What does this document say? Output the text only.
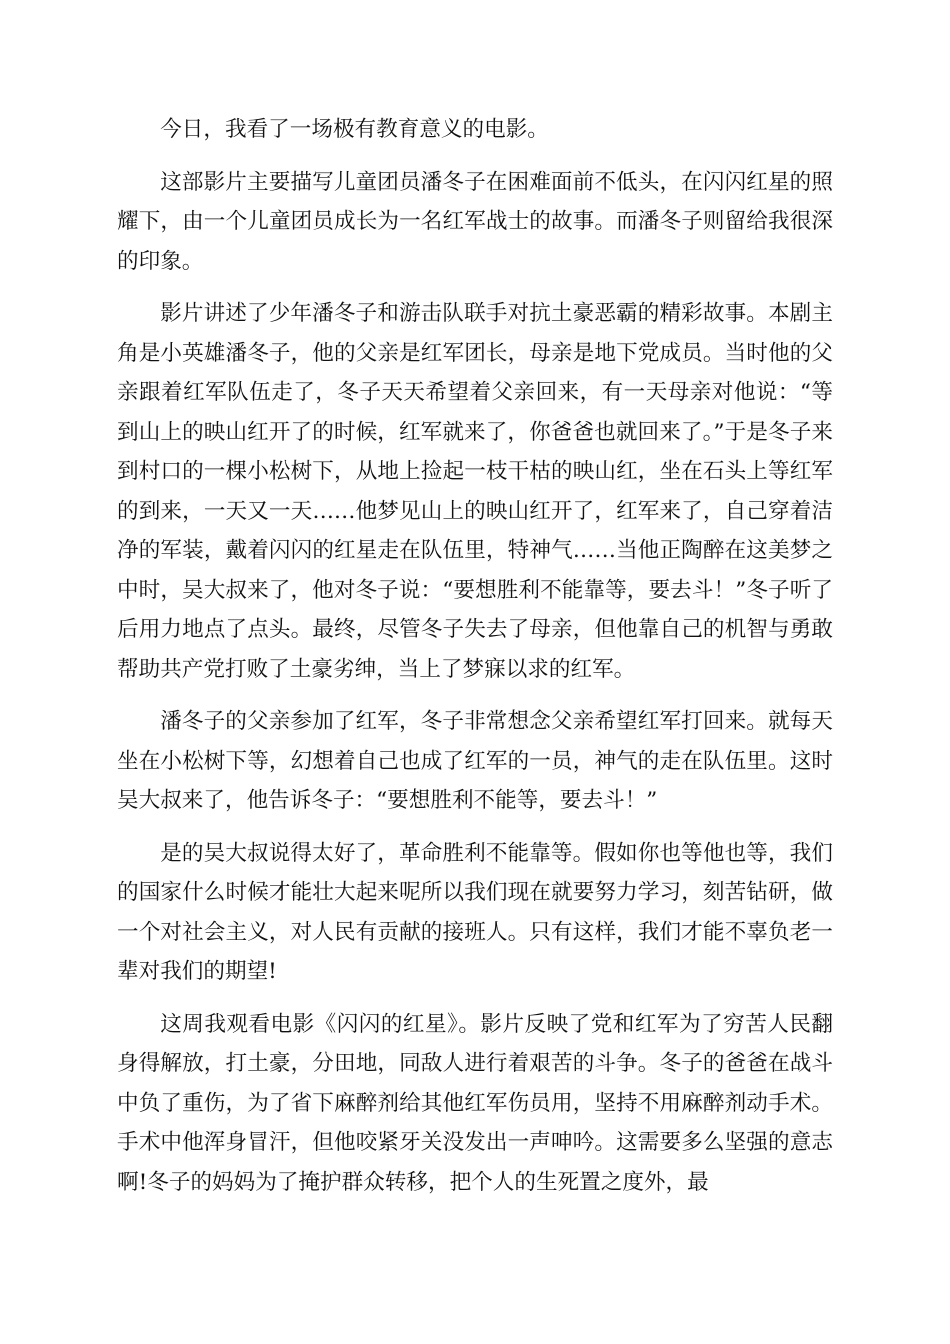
今日，我看了一场极有教育意义的电影。

这部影片主要描写儿童团员潘冬子在困难面前不低头，在闪闪红星的照耀下，由一个儿童团员成长为一名红军战士的故事。而潘冬子则留给我很深的印象。

影片讲述了少年潘冬子和游击队联手对抗土豪恶霸的精彩故事。本剧主角是小英雄潘冬子，他的父亲是红军团长，母亲是地下党成员。当时他的父亲跟着红军队伍走了，冬子天天希望着父亲回来，有一天母亲对他说：“等到山上的映山红开了的时候，红军就来了，你爸爸也就回来了。”于是冬子来到村口的一棵小松树下，从地上捡起一枝干枯的映山红，坐在石头上等红军的到来，一天又一天……他梦见山上的映山红开了，红军来了，自己穿着洁净的军装，戴着闪闪的红星走在队伍里，特神气……当他正陶醉在这美梦之中时，吴大叔来了，他对冬子说：“要想胜利不能靠等，要去斗！”冬子听了后用力地点了点头。最终，尽管冬子失去了母亲，但他靠自己的机智与勇敢帮助共产党打败了土豪劣绅，当上了梦寐以求的红军。

潘冬子的父亲参加了红军，冬子非常想念父亲希望红军打回来。就每天坐在小松树下等，幻想着自己也成了红军的一员，神气的走在队伍里。这时吴大叔来了，他告诉冬子：“要想胜利不能等，要去斗！”

是的吴大叔说得太好了，革命胜利不能靠等。假如你也等他也等，我们的国家什么时候才能壮大起来呢所以我们现在就要努力学习，刻苦钻研，做一个对社会主义，对人民有贡献的接班人。只有这样，我们才能不辜负老一辈对我们的期望!

这周我观看电影《闪闪的红星》。影片反映了党和红军为了穷苦人民翻身得解放，打土豪，分田地，同敌人进行着艰苦的斗争。冬子的爸爸在战斗中负了重伤，为了省下麻醉剂给其他红军伤员用，坚持不用麻醉剂动手术。手术中他浑身冒汗，但他咬紧牙关没发出一声呻吟。这需要多么坚强的意志啊!冬子的妈妈为了掩护群众转移，把个人的生死置之度外，最
